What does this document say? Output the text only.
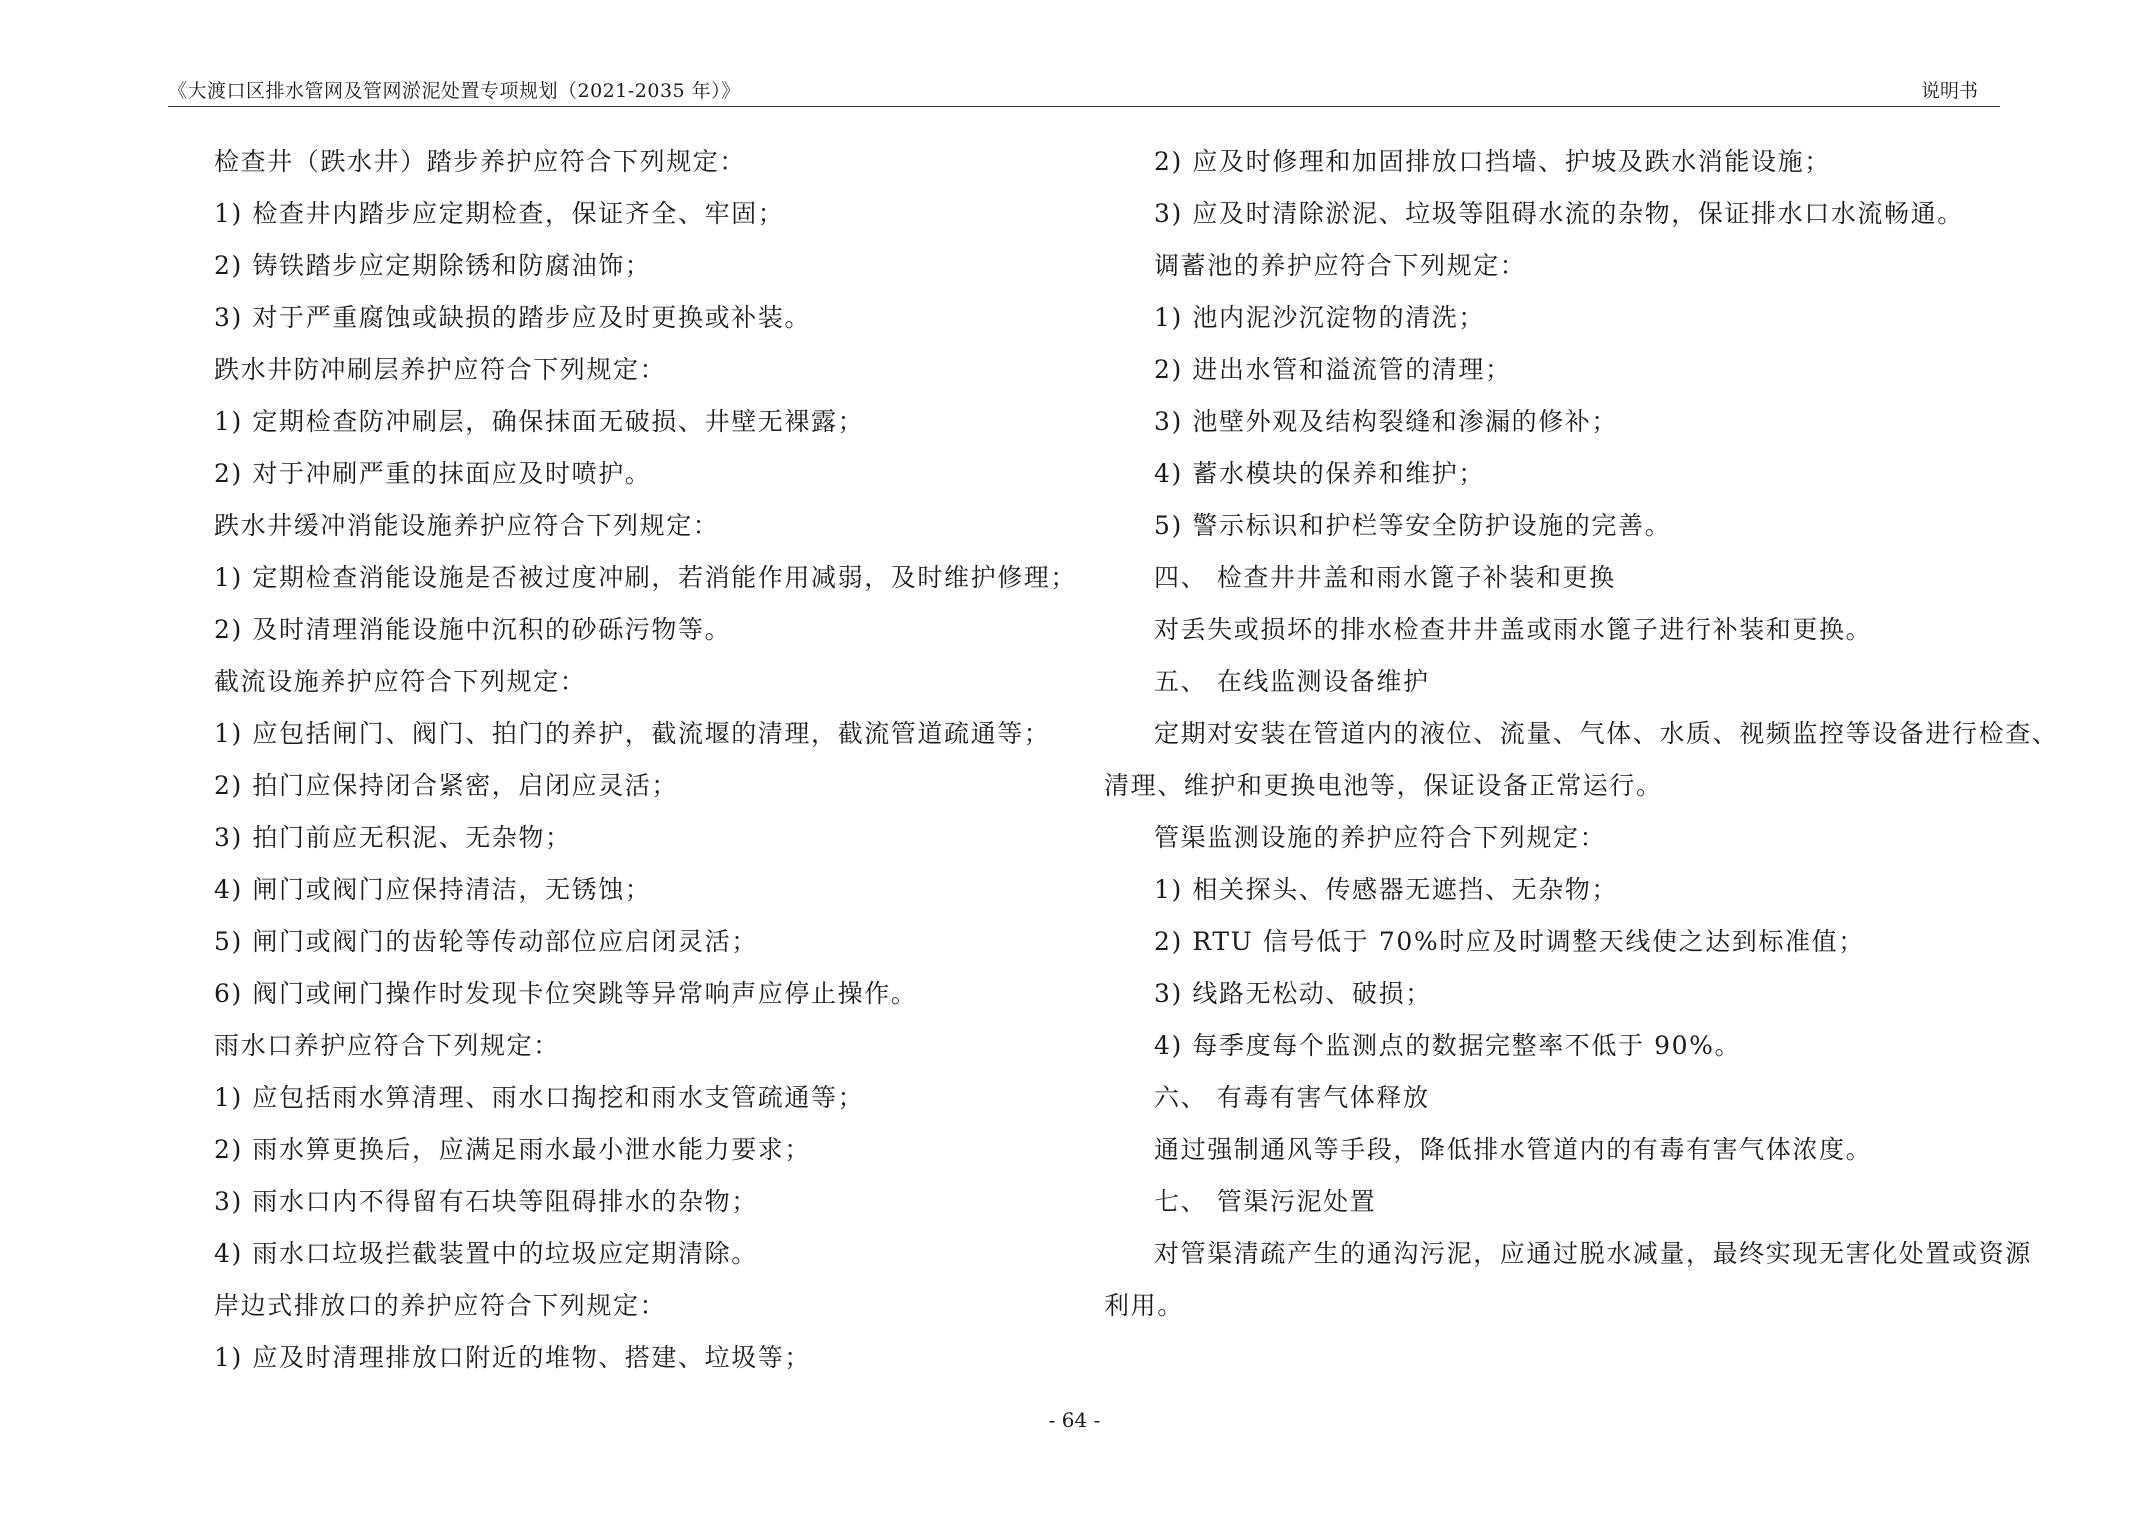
《大渡口区排水管网及管网淤泥处置专项规划（2021-2035 年）》	说明书
检查井（跌水井）踏步养护应符合下列规定：
1) 检查井内踏步应定期检查，保证齐全、牢固；
2) 铸铁踏步应定期除锈和防腐油饰；
3) 对于严重腐蚀或缺损的踏步应及时更换或补装。
跌水井防冲刷层养护应符合下列规定：
1) 定期检查防冲刷层，确保抹面无破损、井壁无裸露；
2) 对于冲刷严重的抹面应及时喷护。
跌水井缓冲消能设施养护应符合下列规定：
1) 定期检查消能设施是否被过度冲刷，若消能作用减弱，及时维护修理；
2) 及时清理消能设施中沉积的砂砾污物等。
截流设施养护应符合下列规定：
1) 应包括闸门、阀门、拍门的养护，截流堰的清理，截流管道疏通等；
2) 拍门应保持闭合紧密，启闭应灵活；
3) 拍门前应无积泥、无杂物；
4) 闸门或阀门应保持清洁，无锈蚀；
5) 闸门或阀门的齿轮等传动部位应启闭灵活；
6) 阀门或闸门操作时发现卡位突跳等异常响声应停止操作。
雨水口养护应符合下列规定：
1) 应包括雨水箅清理、雨水口掏挖和雨水支管疏通等；
2) 雨水箅更换后，应满足雨水最小泄水能力要求；
3) 雨水口内不得留有石块等阻碍排水的杂物；
4) 雨水口垃圾拦截装置中的垃圾应定期清除。
岸边式排放口的养护应符合下列规定：
1) 应及时清理排放口附近的堆物、搭建、垃圾等；
2) 应及时修理和加固排放口挡墙、护坡及跌水消能设施；
3) 应及时清除淤泥、垃圾等阻碍水流的杂物，保证排水口水流畅通。
调蓄池的养护应符合下列规定：
1) 池内泥沙沉淀物的清洗；
2) 进出水管和溢流管的清理；
3) 池壁外观及结构裂缝和渗漏的修补；
4) 蓄水模块的保养和维护；
5) 警示标识和护栏等安全防护设施的完善。
四、 检查井井盖和雨水篦子补装和更换
对丢失或损坏的排水检查井井盖或雨水篦子进行补装和更换。
五、 在线监测设备维护
定期对安装在管道内的液位、流量、气体、水质、视频监控等设备进行检查、
清理、维护和更换电池等，保证设备正常运行。
管渠监测设施的养护应符合下列规定：
1) 相关探头、传感器无遮挡、无杂物；
2) RTU 信号低于 70%时应及时调整天线使之达到标准值；
3) 线路无松动、破损；
4) 每季度每个监测点的数据完整率不低于 90%。
六、 有毒有害气体释放
通过强制通风等手段，降低排水管道内的有毒有害气体浓度。
七、 管渠污泥处置
对管渠清疏产生的通沟污泥，应通过脱水减量，最终实现无害化处置或资源
利用。
- 64 -
